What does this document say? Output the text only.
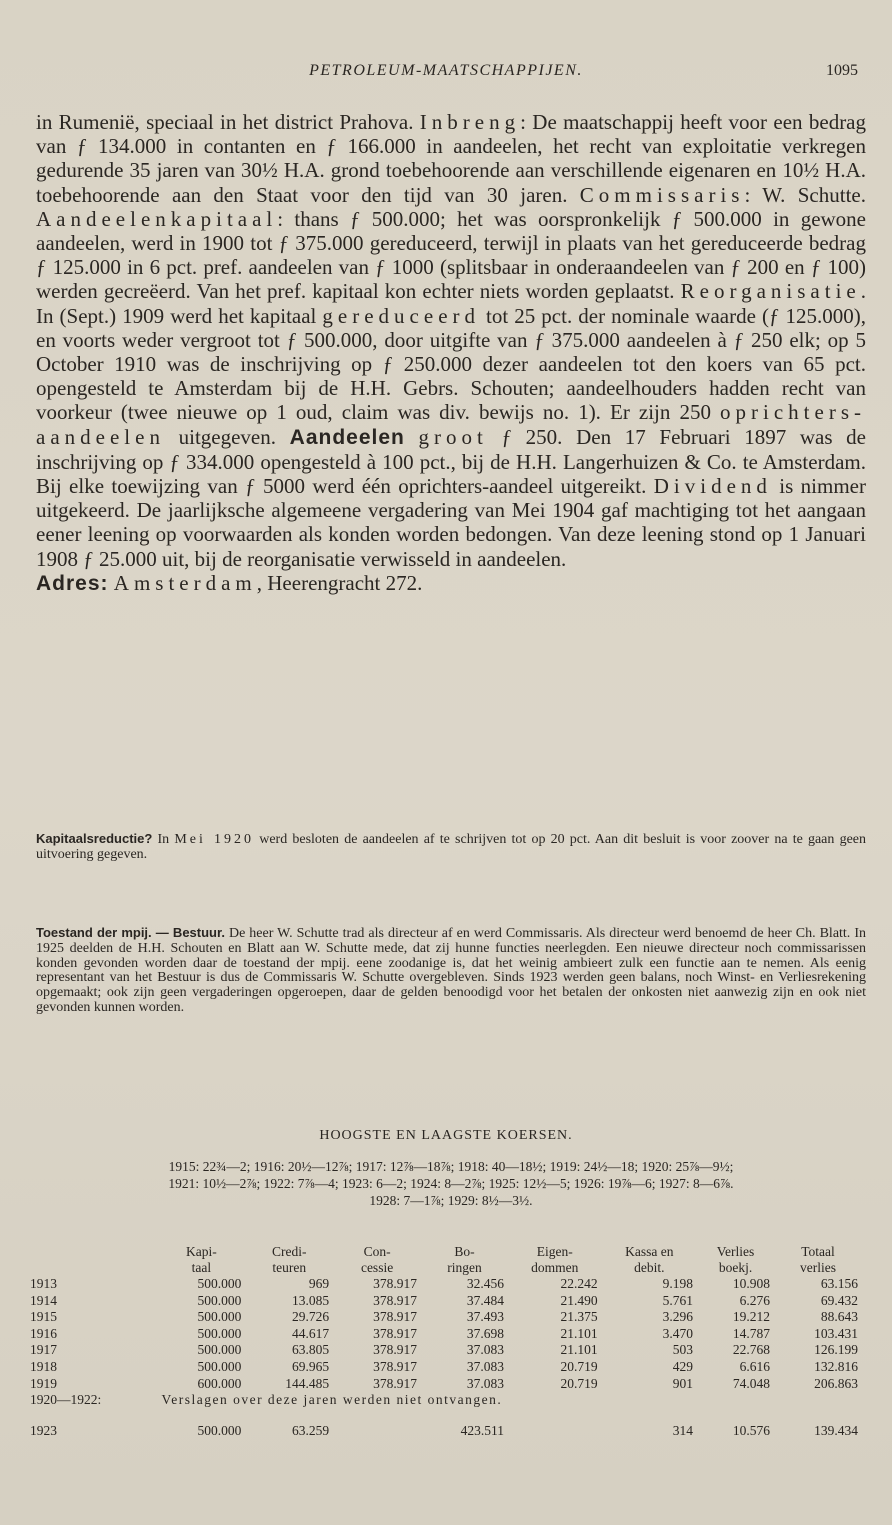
PETROLEUM-MAATSCHAPPIJEN.	1095

in Rumenië, speciaal in het district Prahova. Inbreng: De maatschappij heeft voor een bedrag van ƒ 134.000 in contanten en ƒ 166.000 in aandeelen, het recht van exploitatie verkregen gedurende 35 jaren van 30½ H.A. grond toebehoorende aan verschillende eigenaren en 10½ H.A. toebehoorende aan den Staat voor den tijd van 30 jaren. Commissaris: W. Schutte. Aandeelenkapitaal: thans ƒ 500.000; het was oorspronkelijk ƒ 500.000 in gewone aandeelen, werd in 1900 tot ƒ 375.000 gereduceerd, terwijl in plaats van het gereduceerde bedrag ƒ 125.000 in 6 pct. pref. aandeelen van ƒ 1000 (splitsbaar in onderaandeelen van ƒ 200 en ƒ 100) werden gecreëerd. Van het pref. kapitaal kon echter niets worden geplaatst. Reorganisatie. In (Sept.) 1909 werd het kapitaal gereduceerd tot 25 pct. der nominale waarde (ƒ 125.000), en voorts weder vergroot tot ƒ 500.000, door uitgifte van ƒ 375.000 aandeelen à ƒ 250 elk; op 5 October 1910 was de inschrijving op ƒ 250.000 dezer aandeelen tot den koers van 65 pct. opengesteld te Amsterdam bij de H.H. Gebrs. Schouten; aandeelhouders hadden recht van voorkeur (twee nieuwe op 1 oud, claim was div. bewijs no. 1). Er zijn 250 oprichters-aandeelen uitgegeven. Aandeelen groot ƒ 250. Den 17 Februari 1897 was de inschrijving op ƒ 334.000 opengesteld à 100 pct., bij de H.H. Langerhuizen & Co. te Amsterdam. Bij elke toewijzing van ƒ 5000 werd één oprichters-aandeel uitgereikt. Dividend is nimmer uitgekeerd. De jaarlijksche algemeene vergadering van Mei 1904 gaf machtiging tot het aangaan eener leening op voorwaarden als konden worden bedongen. Van deze leening stond op 1 Januari 1908 ƒ 25.000 uit, bij de reorganisatie verwisseld in aandeelen.

Adres: Amsterdam, Heerengracht 272.

Kapitaalsreductie? In Mei 1920 werd besloten de aandeelen af te schrijven tot op 20 pct. Aan dit besluit is voor zoover na te gaan geen uitvoering gegeven.
Toestand der mpij. — Bestuur. De heer W. Schutte trad als directeur af en werd Commissaris. Als directeur werd benoemd de heer Ch. Blatt. In 1925 deelden de H.H. Schouten en Blatt aan W. Schutte mede, dat zij hunne functies neerlegden. Een nieuwe directeur noch commissarissen konden gevonden worden daar de toestand der mpij. eene zoodanige is, dat het weinig ambieert zulk een functie aan te nemen. Als eenig representant van het Bestuur is dus de Commissaris W. Schutte overgebleven. Sinds 1923 werden geen balans, noch Winst- en Verliesrekening opgemaakt; ook zijn geen vergaderingen opgeroepen, daar de gelden benoodigd voor het betalen der onkosten niet aanwezig zijn en ook niet gevonden kunnen worden.
HOOGSTE EN LAAGSTE KOERSEN.
1915: 22¾—2; 1916: 20½—12⅞; 1917: 12⅞—18⅞; 1918: 40—18½; 1919: 24½—18; 1920: 25⅞—9½;
1921: 10½—2⅞; 1922: 7⅞—4; 1923: 6—2; 1924: 8—2⅞; 1925: 12½—5; 1926: 19⅞—6; 1927: 8—6⅞.
1928: 7—1⅞; 1929: 8½—3½.
	Kapi-	Credi-	Con-	Bo-	Eigen-	Kassa en	Verlies	Totaal
	taal	teuren	cessie	ringen	dommen	debit.	boekj.	verlies
1913	500.000	969	378.917	32.456	22.242	9.198	10.908	63.156
1914	500.000	13.085	378.917	37.484	21.490	5.761	6.276	69.432
1915	500.000	29.726	378.917	37.493	21.375	3.296	19.212	88.643
1916	500.000	44.617	378.917	37.698	21.101	3.470	14.787	103.431
1917	500.000	63.805	378.917	37.083	21.101	503	22.768	126.199
1918	500.000	69.965	378.917	37.083	20.719	429	6.616	132.816
1919	600.000	144.485	378.917	37.083	20.719	901	74.048	206.863
1920—1922:	Verslagen over deze jaren werden niet ontvangen.							

1923	500.000	63.259		423.511		314	10.576	139.434
